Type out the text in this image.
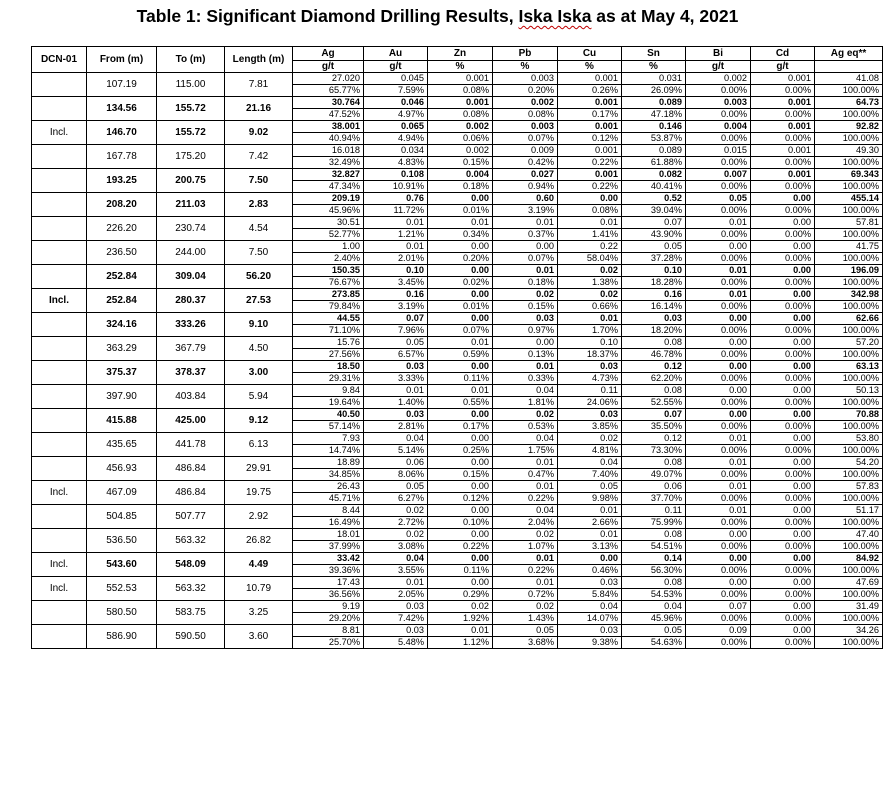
Table 1: Significant Diamond Drilling Results, Iska Iska as at May 4, 2021
DCN-01	From (m)	To (m)	Length (m)	Ag	Au	Zn	Pb	Cu	Sn	Bi	Cd	Ag eq**
				g/t	g/t	%	%	%	%	g/t	g/t	
	107.19	115.00	7.81	27.020	0.045	0.001	0.003	0.001	0.031	0.002	0.001	41.08
				65.77%	7.59%	0.08%	0.20%	0.26%	26.09%	0.00%	0.00%	100.00%
	134.56	155.72	21.16	30.764	0.046	0.001	0.002	0.001	0.089	0.003	0.001	64.73
				47.52%	4.97%	0.08%	0.08%	0.17%	47.18%	0.00%	0.00%	100.00%
Incl.	146.70	155.72	9.02	38.001	0.065	0.002	0.003	0.001	0.146	0.004	0.001	92.82
				40.94%	4.94%	0.06%	0.07%	0.12%	53.87%	0.00%	0.00%	100.00%
	167.78	175.20	7.42	16.018	0.034	0.002	0.009	0.001	0.089	0.015	0.001	49.30
				32.49%	4.83%	0.15%	0.42%	0.22%	61.88%	0.00%	0.00%	100.00%
	193.25	200.75	7.50	32.827	0.108	0.004	0.027	0.001	0.082	0.007	0.001	69.343
				47.34%	10.91%	0.18%	0.94%	0.22%	40.41%	0.00%	0.00%	100.00%
	208.20	211.03	2.83	209.19	0.76	0.00	0.60	0.00	0.52	0.05	0.00	455.14
				45.96%	11.72%	0.01%	3.19%	0.08%	39.04%	0.00%	0.00%	100.00%
	226.20	230.74	4.54	30.51	0.01	0.01	0.01	0.01	0.07	0.01	0.00	57.81
				52.77%	1.21%	0.34%	0.37%	1.41%	43.90%	0.00%	0.00%	100.00%
	236.50	244.00	7.50	1.00	0.01	0.00	0.00	0.22	0.05	0.00	0.00	41.75
				2.40%	2.01%	0.20%	0.07%	58.04%	37.28%	0.00%	0.00%	100.00%
	252.84	309.04	56.20	150.35	0.10	0.00	0.01	0.02	0.10	0.01	0.00	196.09
				76.67%	3.45%	0.02%	0.18%	1.38%	18.28%	0.00%	0.00%	100.00%
Incl.	252.84	280.37	27.53	273.85	0.16	0.00	0.02	0.02	0.16	0.01	0.00	342.98
				79.84%	3.19%	0.01%	0.15%	0.66%	16.14%	0.00%	0.00%	100.00%
	324.16	333.26	9.10	44.55	0.07	0.00	0.03	0.01	0.03	0.00	0.00	62.66
				71.10%	7.96%	0.07%	0.97%	1.70%	18.20%	0.00%	0.00%	100.00%
	363.29	367.79	4.50	15.76	0.05	0.01	0.00	0.10	0.08	0.00	0.00	57.20
				27.56%	6.57%	0.59%	0.13%	18.37%	46.78%	0.00%	0.00%	100.00%
	375.37	378.37	3.00	18.50	0.03	0.00	0.01	0.03	0.12	0.00	0.00	63.13
				29.31%	3.33%	0.11%	0.33%	4.73%	62.20%	0.00%	0.00%	100.00%
	397.90	403.84	5.94	9.84	0.01	0.01	0.04	0.11	0.08	0.00	0.00	50.13
				19.64%	1.40%	0.55%	1.81%	24.06%	52.55%	0.00%	0.00%	100.00%
	415.88	425.00	9.12	40.50	0.03	0.00	0.02	0.03	0.07	0.00	0.00	70.88
				57.14%	2.81%	0.17%	0.53%	3.85%	35.50%	0.00%	0.00%	100.00%
	435.65	441.78	6.13	7.93	0.04	0.00	0.04	0.02	0.12	0.01	0.00	53.80
				14.74%	5.14%	0.25%	1.75%	4.81%	73.30%	0.00%	0.00%	100.00%
	456.93	486.84	29.91	18.89	0.06	0.00	0.01	0.04	0.08	0.01	0.00	54.20
				34.85%	8.06%	0.15%	0.47%	7.40%	49.07%	0.00%	0.00%	100.00%
Incl.	467.09	486.84	19.75	26.43	0.05	0.00	0.01	0.05	0.06	0.01	0.00	57.83
				45.71%	6.27%	0.12%	0.22%	9.98%	37.70%	0.00%	0.00%	100.00%
	504.85	507.77	2.92	8.44	0.02	0.00	0.04	0.01	0.11	0.01	0.00	51.17
				16.49%	2.72%	0.10%	2.04%	2.66%	75.99%	0.00%	0.00%	100.00%
	536.50	563.32	26.82	18.01	0.02	0.00	0.02	0.01	0.08	0.00	0.00	47.40
				37.99%	3.08%	0.22%	1.07%	3.13%	54.51%	0.00%	0.00%	100.00%
Incl.	543.60	548.09	4.49	33.42	0.04	0.00	0.01	0.00	0.14	0.00	0.00	84.92
				39.36%	3.55%	0.11%	0.22%	0.46%	56.30%	0.00%	0.00%	100.00%
Incl.	552.53	563.32	10.79	17.43	0.01	0.00	0.01	0.03	0.08	0.00	0.00	47.69
				36.56%	2.05%	0.29%	0.72%	5.84%	54.53%	0.00%	0.00%	100.00%
	580.50	583.75	3.25	9.19	0.03	0.02	0.02	0.04	0.04	0.07	0.00	31.49
				29.20%	7.42%	1.92%	1.43%	14.07%	45.96%	0.00%	0.00%	100.00%
	586.90	590.50	3.60	8.81	0.03	0.01	0.05	0.03	0.05	0.09	0.00	34.26
				25.70%	5.48%	1.12%	3.68%	9.38%	54.63%	0.00%	0.00%	100.00%
